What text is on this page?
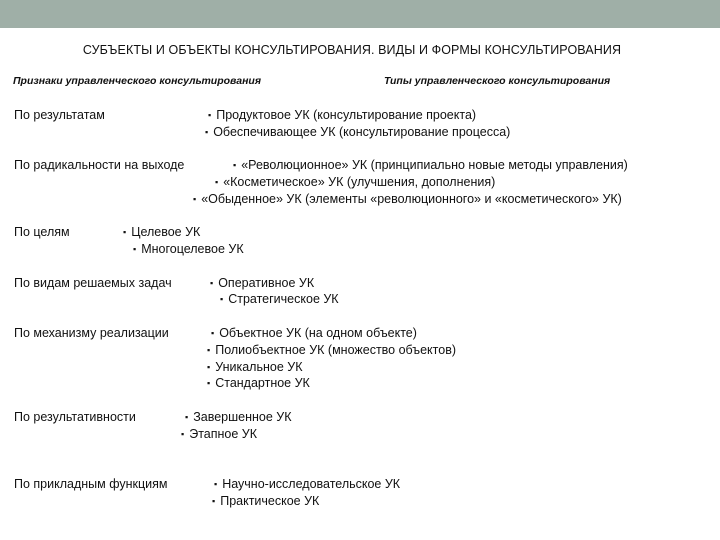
СУБЪЕКТЫ И ОБЪЕКТЫ КОНСУЛЬТИРОВАНИЯ. ВИДЫ И ФОРМЫ КОНСУЛЬТИРОВАНИЯ
Признаки управленческого консультирования	Типы управленческого консультирования
По результатам	▪ Продуктовое УК (консультирование проекта)
▪ Обеспечивающее УК (консультирование процесса)
По радикальности на выходе	▪ «Революционное» УК (принципиально новые методы управления)
▪ «Косметическое» УК (улучшения, дополнения)
▪ «Обыденное» УК (элементы «революционного» и «косметического» УК)
По целям	▪ Целевое УК
▪ Многоцелевое УК
По видам решаемых задач	▪ Оперативное УК
▪ Стратегическое УК
По механизму реализации	▪ Объектное УК (на одном объекте)
▪ Полиобъектное УК (множество объектов)
▪ Уникальное УК
▪ Стандартное УК
По результативности	▪ Завершенное УК
▪ Этапное УК
По прикладным функциям	▪ Научно-исследовательское УК
▪ Практическое УК
